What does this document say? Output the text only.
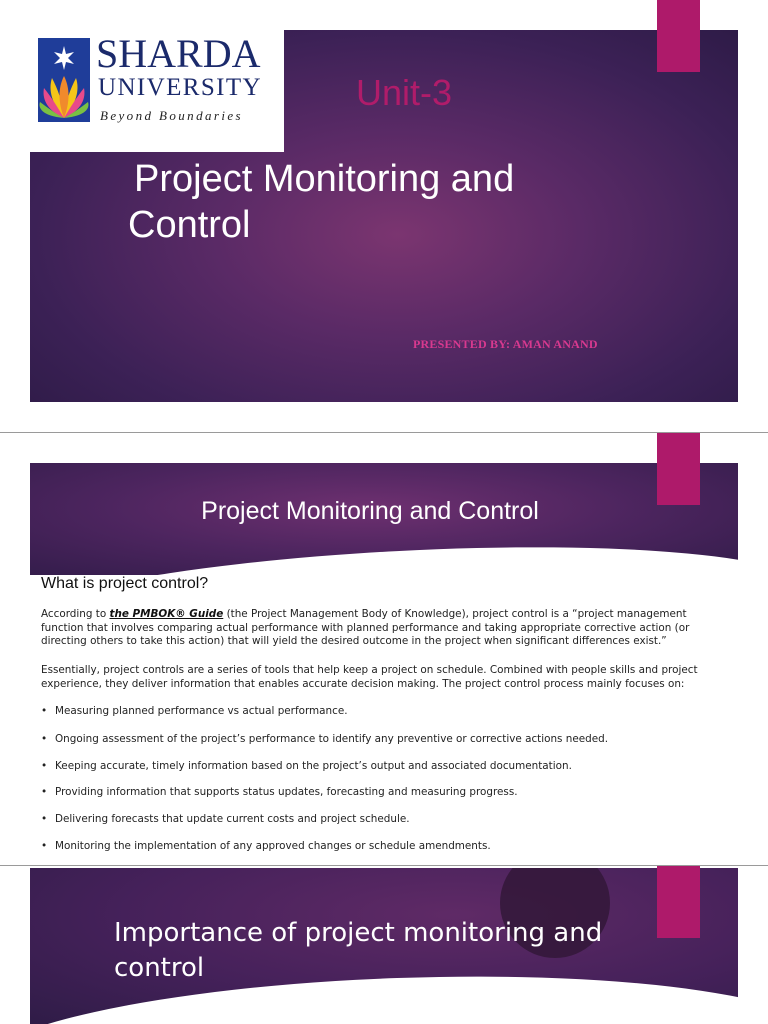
SHARDA
UNIVERSITY
Beyond Boundaries
Unit-3
Project Monitoring and
Control
PRESENTED BY: AMAN ANAND
Project Monitoring and Control
What is project control?
According to the PMBOK® Guide (the Project Management Body of Knowledge), project control is a “project management function that involves comparing actual performance with planned performance and taking appropriate corrective action (or directing others to take this action) that will yield the desired outcome in the project when significant differences exist.”
Essentially, project controls are a series of tools that help keep a project on schedule. Combined with people skills and project experience, they deliver information that enables accurate decision making. The project control process mainly focuses on:
• Measuring planned performance vs actual performance.
• Ongoing assessment of the project’s performance to identify any preventive or corrective actions needed.
• Keeping accurate, timely information based on the project’s output and associated documentation.
• Providing information that supports status updates, forecasting and measuring progress.
• Delivering forecasts that update current costs and project schedule.
• Monitoring the implementation of any approved changes or schedule amendments.
Importance of project monitoring and
control
